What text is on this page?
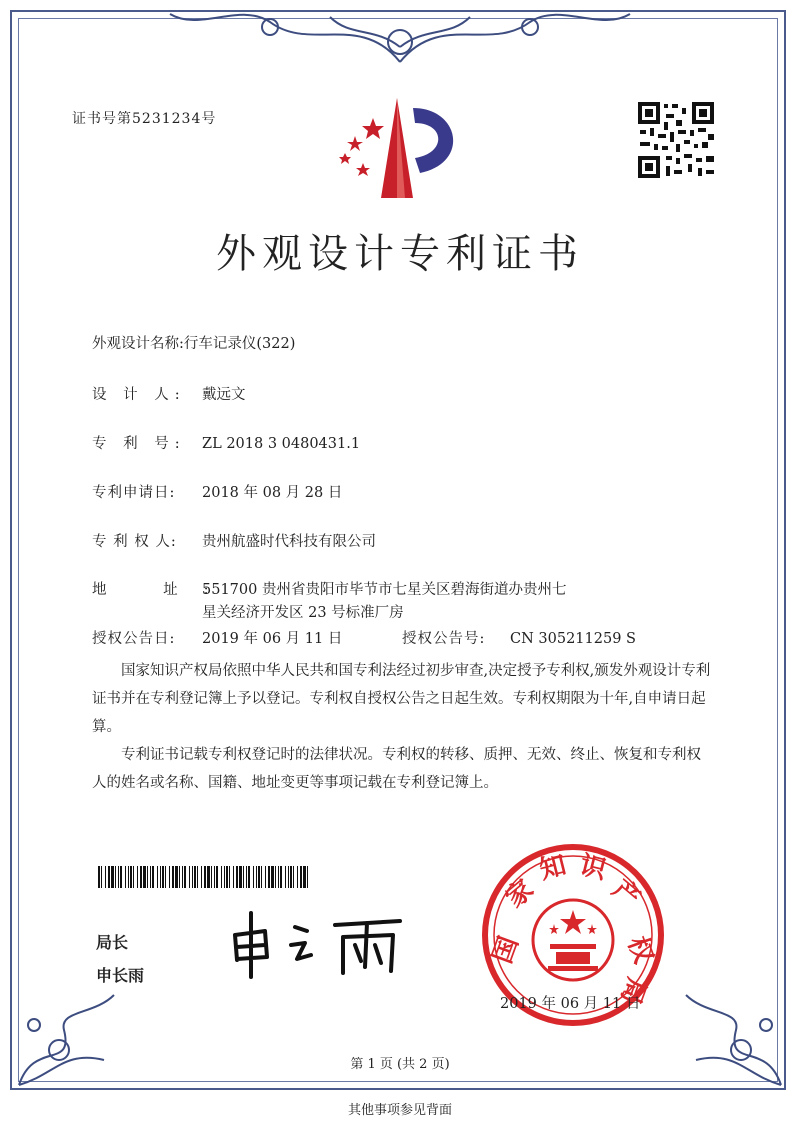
证书号第5231234号
外观设计专利证书
外观设计名称:行车记录仪(322)
设 计 人: 戴远文
专 利 号: ZL 2018 3 0480431.1
专利申请日: 2018 年 08 月 28 日
专 利 权 人: 贵州航盛时代科技有限公司
地 址:551700 贵州省贵阳市毕节市七星关区碧海街道办贵州七
星关经济开发区 23 号标准厂房
授权公告日: 2019 年 06 月 11 日	授权公告号: CN 305211259 S
国家知识产权局依照中华人民共和国专利法经过初步审查,决定授予专利权,颁发外观设计专利证书并在专利登记簿上予以登记。专利权自授权公告之日起生效。专利权期限为十年,自申请日起算。
专利证书记载专利权登记时的法律状况。专利权的转移、质押、无效、终止、恢复和专利权人的姓名或名称、国籍、地址变更等事项记载在专利登记簿上。
局长
申长雨
国
家
知 识
产
权
局
2019 年 06 月 11 日
第 1 页 (共 2 页)
其他事项参见背面
